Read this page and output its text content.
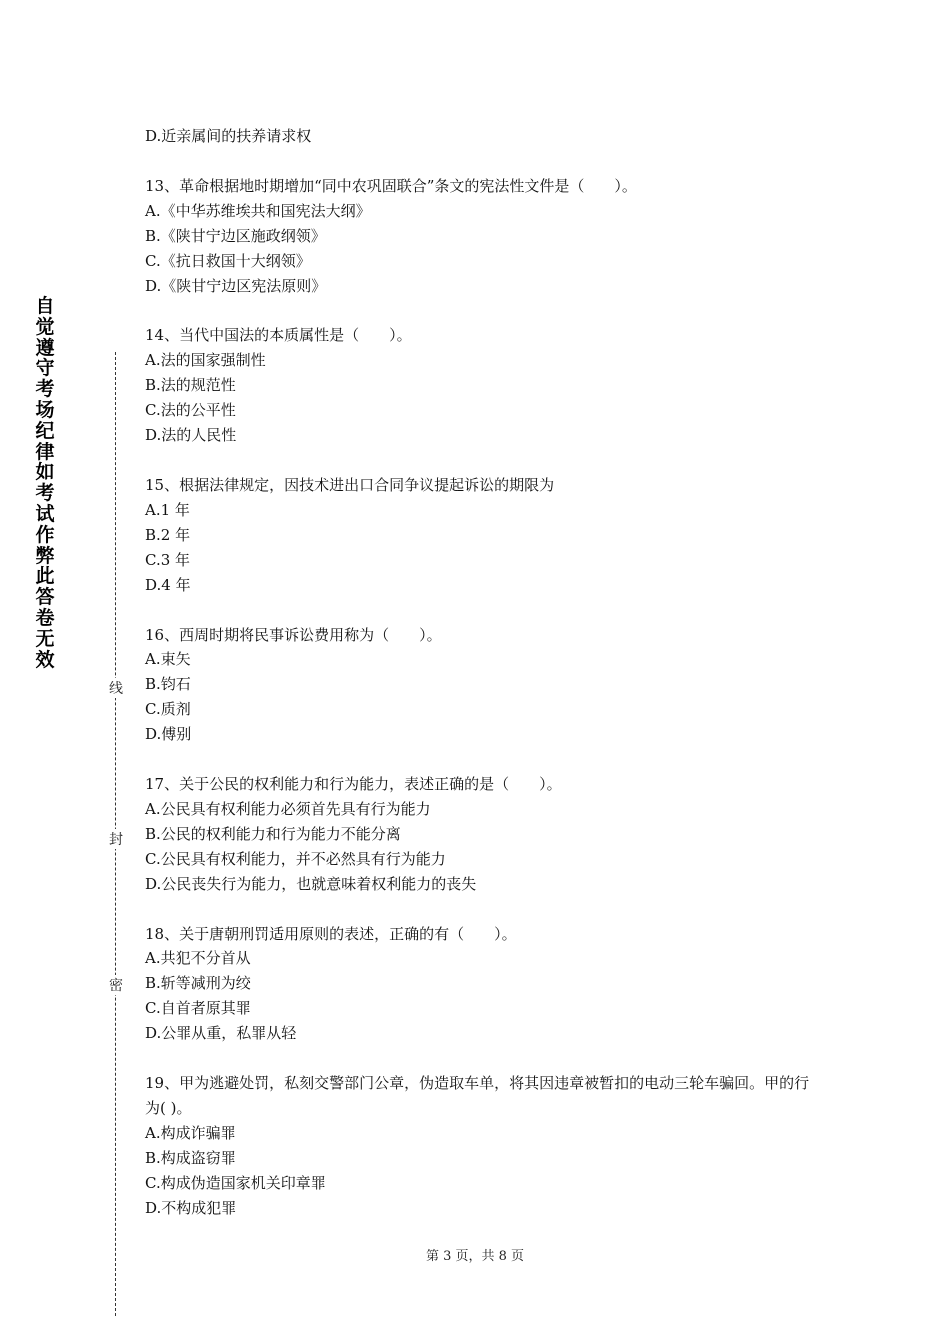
自觉遵守考场纪律如考试作弊此答卷无效
线
封
密

D.近亲属间的扶养请求权

13、革命根据地时期增加“同中农巩固联合”条文的宪法性文件是（　　）。

A.《中华苏维埃共和国宪法大纲》

B.《陕甘宁边区施政纲领》

C.《抗日救国十大纲领》

D.《陕甘宁边区宪法原则》

14、当代中国法的本质属性是（　　）。

A.法的国家强制性

B.法的规范性

C.法的公平性

D.法的人民性

15、根据法律规定，因技术进出口合同争议提起诉讼的期限为

A.1 年

B.2 年

C.3 年

D.4 年

16、西周时期将民事诉讼费用称为（　　）。

A.束矢

B.钧石

C.质剂

D.傅别

17、关于公民的权利能力和行为能力，表述正确的是（　　）。

A.公民具有权利能力必须首先具有行为能力

B.公民的权利能力和行为能力不能分离

C.公民具有权利能力，并不必然具有行为能力

D.公民丧失行为能力，也就意味着权利能力的丧失

18、关于唐朝刑罚适用原则的表述，正确的有（　　）。

A.共犯不分首从

B.斩等减刑为绞

C.自首者原其罪

D.公罪从重，私罪从轻

19、甲为逃避处罚，私刻交警部门公章，伪造取车单，将其因违章被暂扣的电动三轮车骗回。甲的行为( )。

A.构成诈骗罪

B.构成盗窃罪

C.构成伪造国家机关印章罪

D.不构成犯罪

第 3 页，共 8 页
